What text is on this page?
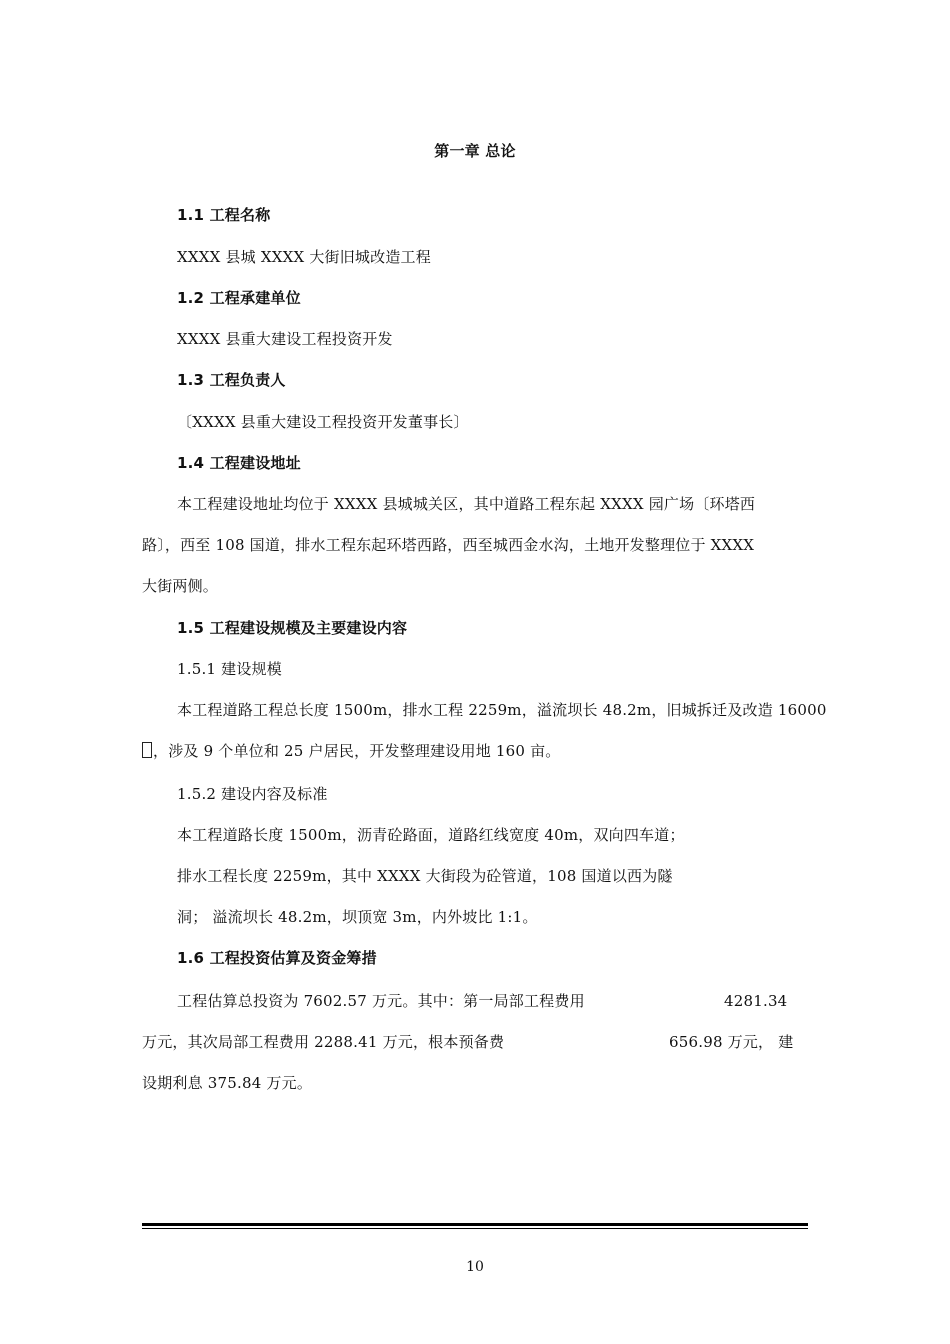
第一章 总论
1.1 工程名称
XXXX 县城 XXXX 大街旧城改造工程
1.2 工程承建单位
XXXX 县重大建设工程投资开发
1.3 工程负责人
〔XXXX 县重大建设工程投资开发董事长〕
1.4 工程建设地址
本工程建设地址均位于 XXXX 县城城关区，其中道路工程东起 XXXX 园广场〔环塔西
路〕，西至 108 国道，排水工程东起环塔西路，西至城西金水沟，土地开发整理位于 XXXX
大街两侧。
1.5 工程建设规模及主要建设内容
1.5.1 建设规模
本工程道路工程总长度 1500m，排水工程 2259m，溢流坝长 48.2m，旧城拆迁及改造 16000
，涉及 9 个单位和 25 户居民，开发整理建设用地 160 亩。
1.5.2 建设内容及标准
本工程道路长度 1500m，沥青砼路面，道路红线宽度 40m，双向四车道；
排水工程长度 2259m，其中 XXXX 大街段为砼管道，108 国道以西为隧
洞； 溢流坝长 48.2m，坝顶宽 3m，内外坡比 1:1。
1.6 工程投资估算及资金筹措
工程估算总投资为 7602.57 万元。其中：第一局部工程费用	4281.34
万元，其次局部工程费用 2288.41 万元，根本预备费	656.98 万元， 建
设期利息 375.84 万元。
10
